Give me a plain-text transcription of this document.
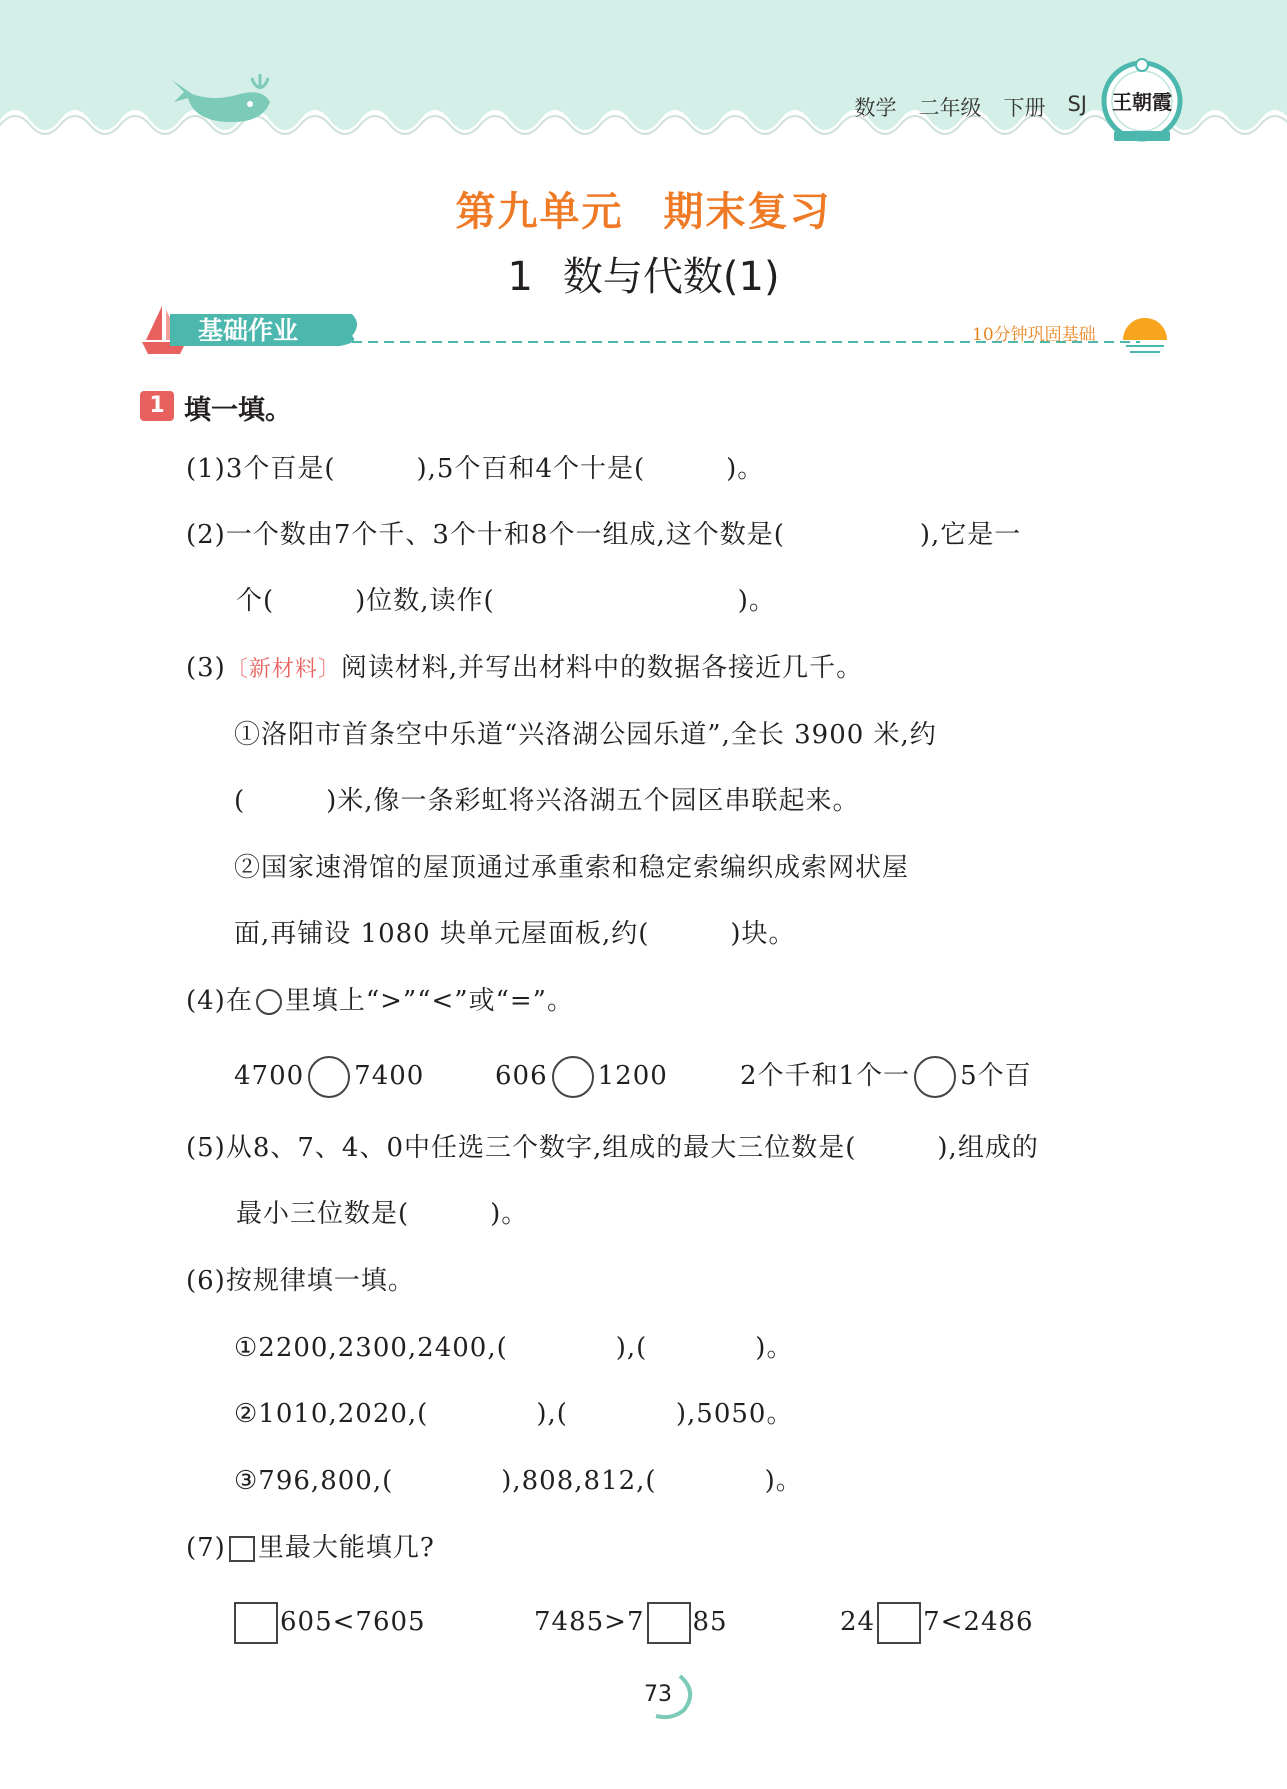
数学 二年级 下册 SJ 王朝霞
第九单元 期末复习
1 数与代数(1)
基础作业	10分钟巩固基础
1 填一填。
(1)3个百是(　　　),5个百和4个十是(　　　)。
(2)一个数由7个千、3个十和8个一组成,这个数是(　　　　　),它是一
个(　　　)位数,读作(　　　　　　　　　)。
(3)〔新材料〕阅读材料,并写出材料中的数据各接近几千。
①洛阳市首条空中乐道“兴洛湖公园乐道”,全长 3900 米,约
(　　　)米,像一条彩虹将兴洛湖五个园区串联起来。
②国家速滑馆的屋顶通过承重索和稳定索编织成索网状屋
面,再铺设 1080 块单元屋面板,约(　　　)块。
(4)在 里填上“>”“<”或“=”。
4700 7400	606 1200	2个千和1个一 5个百
(5)从8、7、4、0中任选三个数字,组成的最大三位数是(　　　),组成的
最小三位数是(　　　)。
(6)按规律填一填。
①2200,2300,2400,(　　　　),(　　　　)。
②1010,2020,(　　　　),(　　　　),5050。
③796,800,(　　　　),808,812,(　　　　)。
(7) 里最大能填几?
605<7605	7485>7 85	24 7<2486
73
